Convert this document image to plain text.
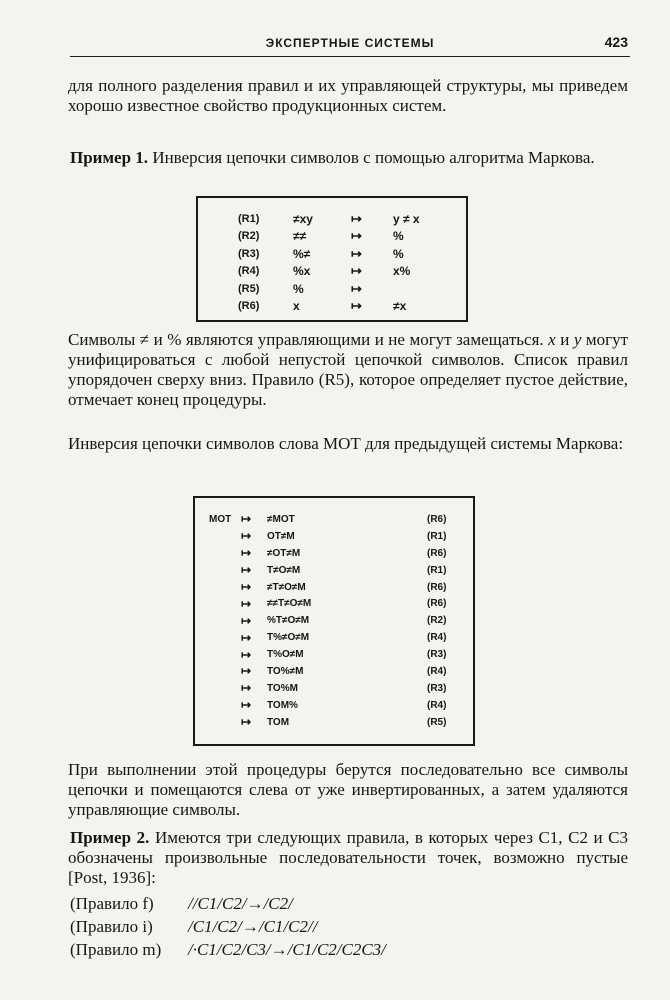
ЭКСПЕРТНЫЕ СИСТЕМЫ	423

для полного разделения правил и их управляющей структуры, мы приведем хорошо известное свойство продукционных систем.

Пример 1. Инверсия цепочки символов с помощью алгоритма Маркова.

(R1)	≠xy	↦	y ≠ x
(R2)	≠≠	↦	%
(R3)	%≠	↦	%
(R4)	%x	↦	x%
(R5)	%	↦	
(R6)	x	↦	≠x

Символы ≠ и % являются управляющими и не могут замещаться. x и y могут унифицироваться с любой непустой цепочкой символов. Список правил упорядочен сверху вниз. Правило (R5), которое определяет пустое действие, отмечает конец процедуры.

Инверсия цепочки символов слова МОТ для предыдущей системы Маркова:

MOT	↦	≠MOT	(R6)
	↦	OT≠M	(R1)
	↦	≠OT≠M	(R6)
	↦	T≠O≠M	(R1)
	↦	≠T≠O≠M	(R6)
	↦	≠≠T≠O≠M	(R6)
	↦	%T≠O≠M	(R2)
	↦	T%≠O≠M	(R4)
	↦	T%O≠M	(R3)
	↦	TO%≠M	(R4)
	↦	TO%M	(R3)
	↦	TOM%	(R4)
	↦	TOM	(R5)

При выполнении этой процедуры берутся последовательно все символы цепочки и помещаются слева от уже инвертированных, а затем удаляются управляющие символы.

Пример 2. Имеются три следующих правила, в которых через C1, C2 и C3 обозначены произвольные последовательности точек, возможно пустые [Post, 1936]:

(Правило f) //C1/C2/→/C2/
(Правило i) /C1/C2/→/C1/C2//
(Правило m) /·C1/C2/C3/→/C1/C2/C2C3/
